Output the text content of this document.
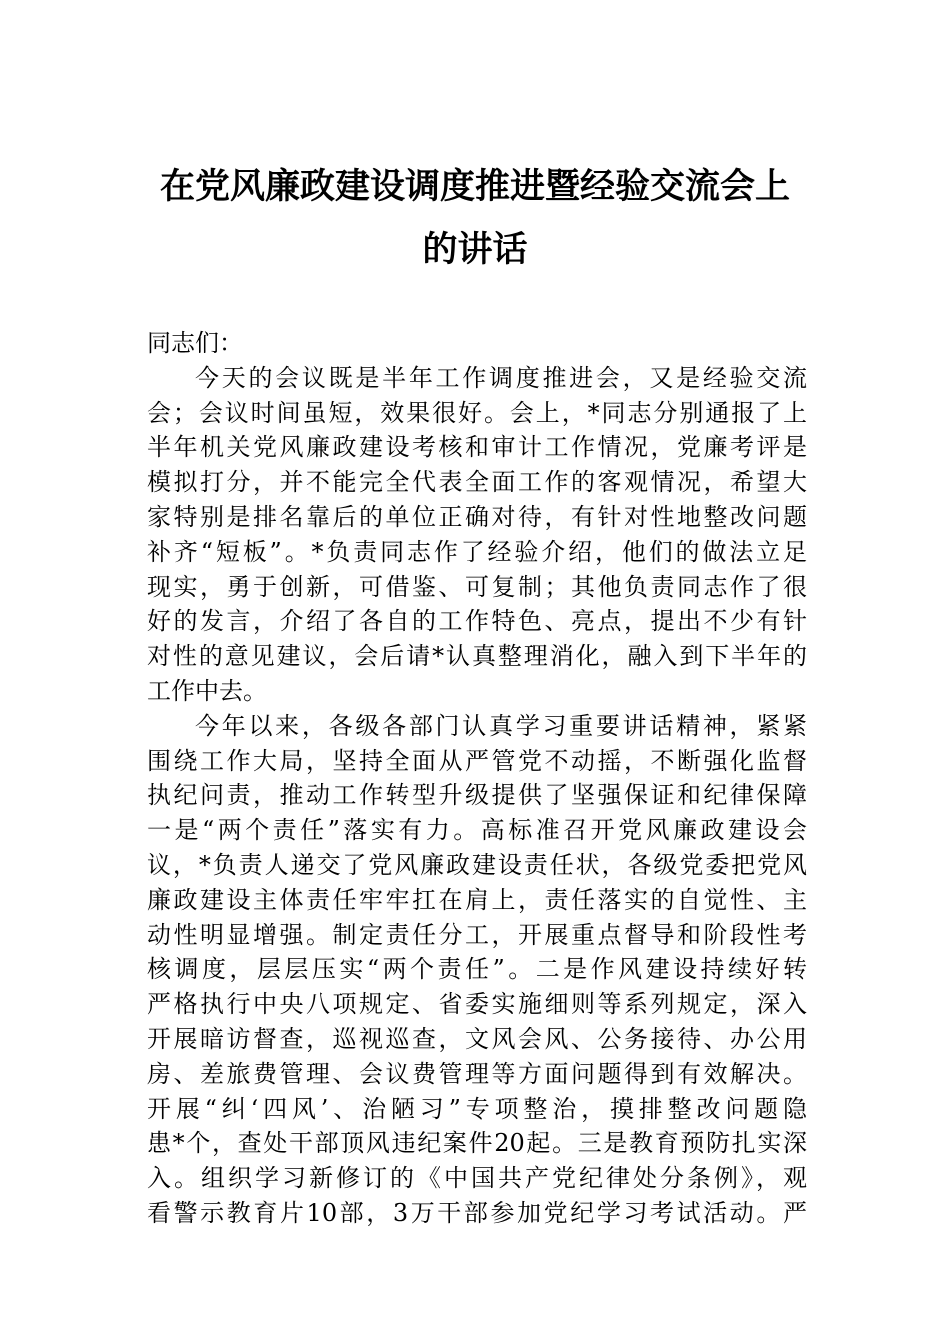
在党风廉政建设调度推进暨经验交流会上
的讲话
同志们：
今天的会议既是半年工作调度推进会，又是经验交流
会；会议时间虽短，效果很好。会上，*同志分别通报了上
半年机关党风廉政建设考核和审计工作情况，党廉考评是
模拟打分，并不能完全代表全面工作的客观情况，希望大
家特别是排名靠后的单位正确对待，有针对性地整改问题
补齐“短板”。*负责同志作了经验介绍，他们的做法立足
现实，勇于创新，可借鉴、可复制；其他负责同志作了很
好的发言，介绍了各自的工作特色、亮点，提出不少有针
对性的意见建议，会后请*认真整理消化，融入到下半年的
工作中去。
今年以来，各级各部门认真学习重要讲话精神，紧紧
围绕工作大局，坚持全面从严管党不动摇，不断强化监督
执纪问责，推动工作转型升级提供了坚强保证和纪律保障
一是“两个责任”落实有力。高标准召开党风廉政建设会
议，*负责人递交了党风廉政建设责任状，各级党委把党风
廉政建设主体责任牢牢扛在肩上，责任落实的自觉性、主
动性明显增强。制定责任分工，开展重点督导和阶段性考
核调度，层层压实“两个责任”。二是作风建设持续好转
严格执行中央八项规定、省委实施细则等系列规定，深入
开展暗访督查，巡视巡查，文风会风、公务接待、办公用
房、差旅费管理、会议费管理等方面问题得到有效解决。
开展“纠‘四风’、治陋习”专项整治，摸排整改问题隐
患*个，查处干部顶风违纪案件20起。三是教育预防扎实深
入。组织学习新修订的《中国共产党纪律处分条例》，观
看警示教育片10部，3万干部参加党纪学习考试活动。严
